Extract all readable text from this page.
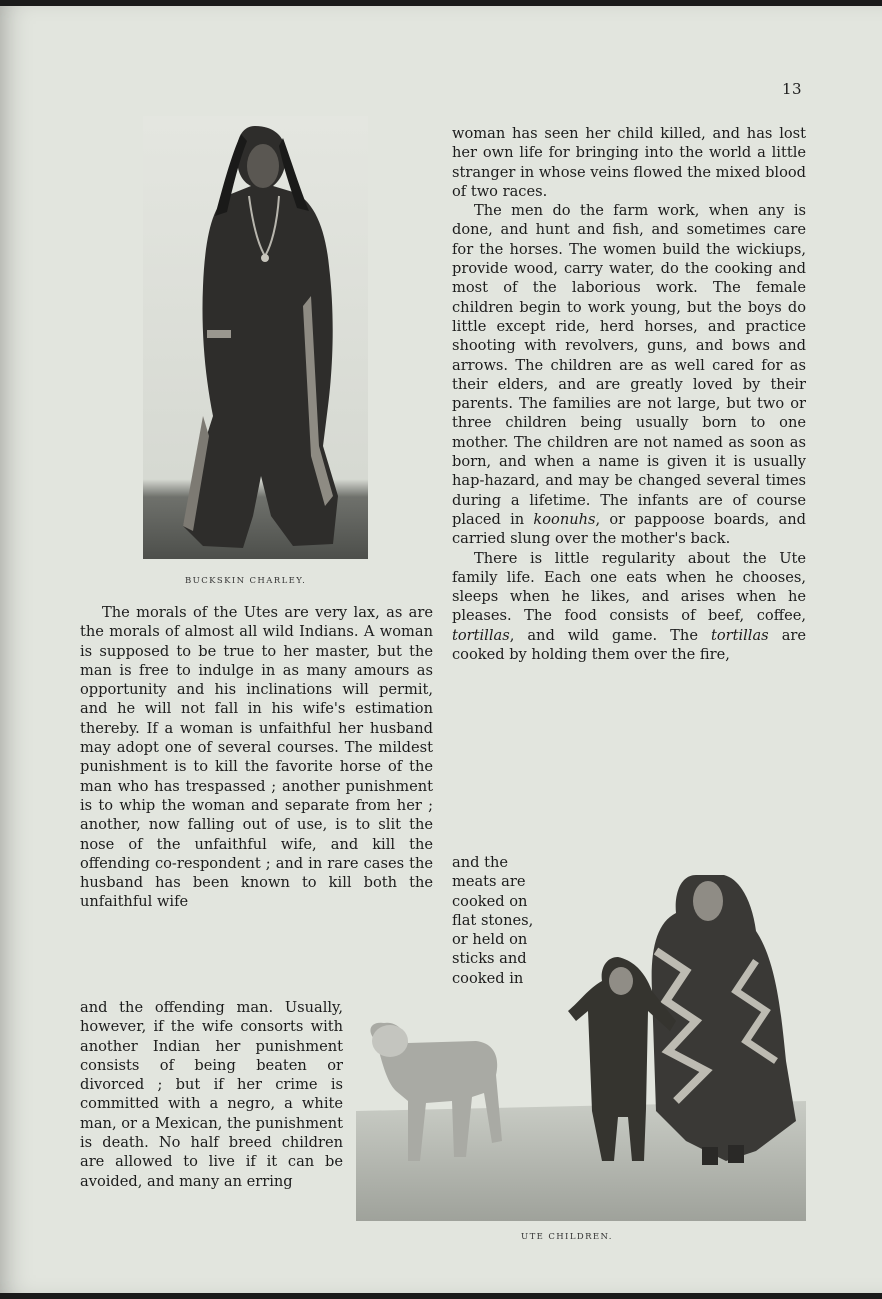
13
BUCKSKIN CHARLEY.

The morals of the Utes are very lax, as are the morals of almost all wild Indians. A woman is supposed to be true to her master, but the man is free to indulge in as many amours as opportunity and his inclinations will permit, and he will not fall in his wife's estimation thereby. If a woman is unfaithful her husband may adopt one of several courses. The mildest punishment is to kill the favorite horse of the man who has trespassed ; another punishment is to whip the woman and separate from her ; another, now falling out of use, is to slit the nose of the unfaithful wife, and kill the offending co-respondent ; and in rare cases the husband has been known to kill both the unfaithful wife

and the offending man. Usually, however, if the wife consorts with another Indian her punishment consists of being beaten or divorced ; but if her crime is committed with a negro, a white man, or a Mexican, the punishment is death. No half breed children are allowed to live if it can be avoided, and many an erring

woman has seen her child killed, and has lost her own life for bringing into the world a little stranger in whose veins flowed the mixed blood of two races.

The men do the farm work, when any is done, and hunt and fish, and sometimes care for the horses. The women build the wickiups, provide wood, carry water, do the cooking and most of the laborious work. The female children begin to work young, but the boys do little except ride, herd horses, and practice shooting with revolvers, guns, and bows and arrows. The children are as well cared for as their elders, and are greatly loved by their parents. The families are not large, but two or three children being usually born to one mother. The children are not named as soon as born, and when a name is given it is usually hap-hazard, and may be changed several times during a lifetime. The infants are of course placed in koonuhs, or pappoose boards, and carried slung over the mother's back.

There is little regularity about the Ute family life. Each one eats when he chooses, sleeps when he likes, and arises when he pleases. The food consists of beef, coffee, tortillas, and wild game. The tortillas are cooked by holding them over the fire,

and the meats are cooked on flat stones, or held on sticks and cooked in

UTE CHILDREN.
